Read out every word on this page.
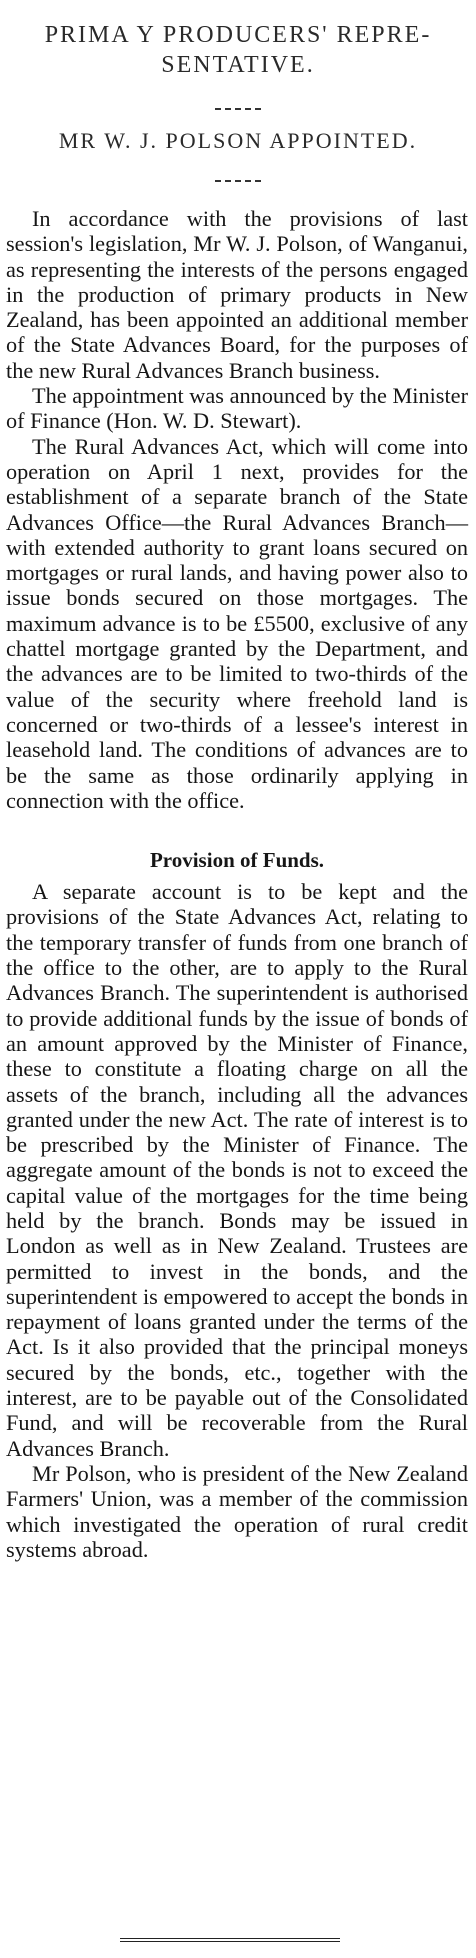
PRIMA Y PRODUCERS' REPRE-
SENTATIVE.
MR W. J. POLSON APPOINTED.

In accordance with the provisions of last session's legislation, Mr W. J. Polson, of Wanganui, as representing the interests of the persons engaged in the production of primary products in New Zealand, has been appointed an additional member of the State Advances Board, for the purposes of the new Rural Advances Branch business.

The appointment was announced by the Minister of Finance (Hon. W. D. Stewart).

The Rural Advances Act, which will come into operation on April 1 next, provides for the establishment of a separate branch of the State Advances Office—the Rural Advances Branch—with extended authority to grant loans secured on mortgages or rural lands, and having power also to issue bonds secured on those mortgages. The maximum advance is to be £5500, exclusive of any chattel mortgage granted by the Department, and the advances are to be limited to two-thirds of the value of the security where freehold land is concerned or two-thirds of a lessee's interest in leasehold land. The conditions of advances are to be the same as those ordinarily applying in connection with the office.

Provision of Funds.

A separate account is to be kept and the provisions of the State Advances Act, relating to the temporary transfer of funds from one branch of the office to the other, are to apply to the Rural Advances Branch. The superintendent is authorised to provide additional funds by the issue of bonds of an amount approved by the Minister of Finance, these to constitute a floating charge on all the assets of the branch, including all the advances granted under the new Act. The rate of interest is to be prescribed by the Minister of Finance. The aggregate amount of the bonds is not to exceed the capital value of the mortgages for the time being held by the branch. Bonds may be issued in London as well as in New Zealand. Trustees are permitted to invest in the bonds, and the superintendent is empowered to accept the bonds in repayment of loans granted under the terms of the Act. Is it also provided that the principal moneys secured by the bonds, etc., together with the interest, are to be payable out of the Consolidated Fund, and will be recoverable from the Rural Advances Branch.

Mr Polson, who is president of the New Zealand Farmers' Union, was a member of the commission which investigated the operation of rural credit systems abroad.
